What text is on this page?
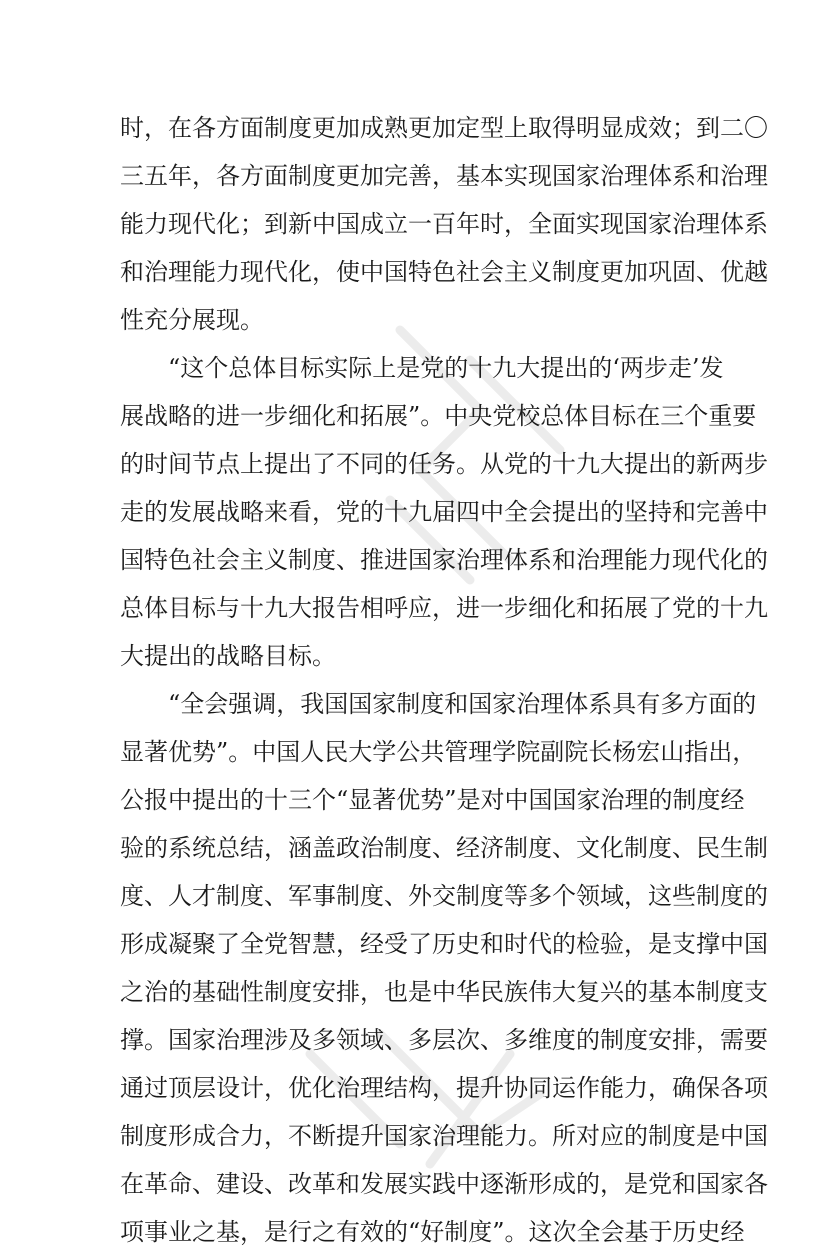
时，在各方面制度更加成熟更加定型上取得明显成效；到二〇
三五年，各方面制度更加完善，基本实现国家治理体系和治理
能力现代化；到新中国成立一百年时，全面实现国家治理体系
和治理能力现代化，使中国特色社会主义制度更加巩固、优越
性充分展现。
“这个总体目标实际上是党的十九大提出的‘两步走’发
展战略的进一步细化和拓展”。中央党校总体目标在三个重要
的时间节点上提出了不同的任务。从党的十九大提出的新两步
走的发展战略来看，党的十九届四中全会提出的坚持和完善中
国特色社会主义制度、推进国家治理体系和治理能力现代化的
总体目标与十九大报告相呼应，进一步细化和拓展了党的十九
大提出的战略目标。
“全会强调，我国国家制度和国家治理体系具有多方面的
显著优势”。中国人民大学公共管理学院副院长杨宏山指出，
公报中提出的十三个“显著优势”是对中国国家治理的制度经
验的系统总结，涵盖政治制度、经济制度、文化制度、民生制
度、人才制度、军事制度、外交制度等多个领域，这些制度的
形成凝聚了全党智慧，经受了历史和时代的检验，是支撑中国
之治的基础性制度安排，也是中华民族伟大复兴的基本制度支
撑。国家治理涉及多领域、多层次、多维度的制度安排，需要
通过顶层设计，优化治理结构，提升协同运作能力，确保各项
制度形成合力，不断提升国家治理能力。所对应的制度是中国
在革命、建设、改革和发展实践中逐渐形成的，是党和国家各
项事业之基，是行之有效的“好制度”。这次全会基于历史经
